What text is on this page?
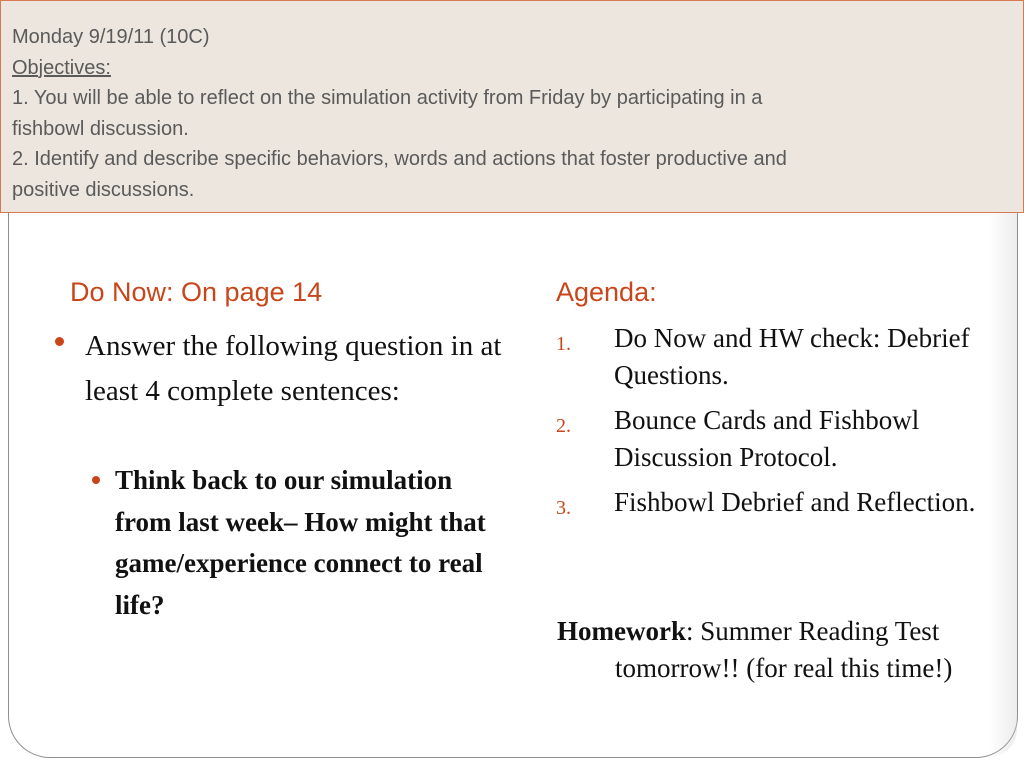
Monday 9/19/11 (10C)
Objectives:
1. You will be able to reflect on the simulation activity from Friday by participating in a
fishbowl discussion.
2. Identify and describe specific behaviors, words and actions that foster productive and
positive discussions.
Do Now: On page 14	Agenda:
Answer the following question in at least 4 complete sentences:
Think back to our simulation from last week– How might that game/experience connect to real life?
1. Do Now and HW check: Debrief Questions.
2. Bounce Cards and Fishbowl Discussion Protocol.
3. Fishbowl Debrief and Reflection.
Homework: Summer Reading Test tomorrow!! (for real this time!)
